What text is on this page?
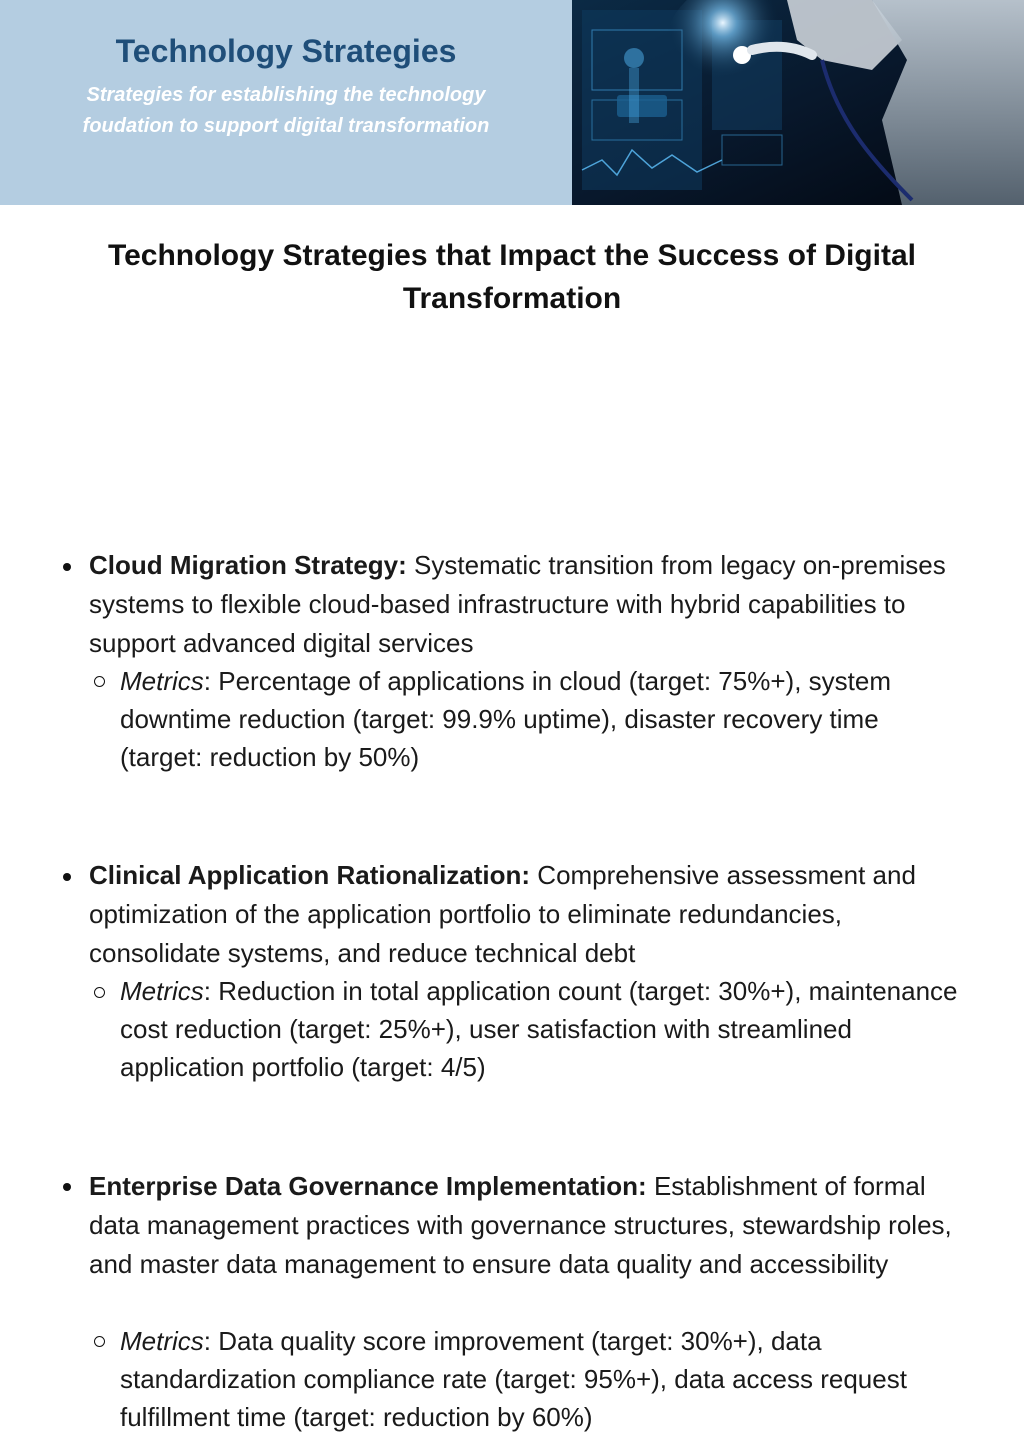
Technology Strategies
Strategies for establishing the technology
foudation to support digital transformation
Technology Strategies that Impact the Success of Digital
Transformation
Cloud Migration Strategy: Systematic transition from legacy on-premises systems to flexible cloud-based infrastructure with hybrid capabilities to support advanced digital services
Metrics: Percentage of applications in cloud (target: 75%+), system downtime reduction (target: 99.9% uptime), disaster recovery time (target: reduction by 50%)
Clinical Application Rationalization: Comprehensive assessment and optimization of the application portfolio to eliminate redundancies, consolidate systems, and reduce technical debt
Metrics: Reduction in total application count (target: 30%+), maintenance cost reduction (target: 25%+), user satisfaction with streamlined application portfolio (target: 4/5)
Enterprise Data Governance Implementation: Establishment of formal data management practices with governance structures, stewardship roles, and master data management to ensure data quality and accessibility
Metrics: Data quality score improvement (target: 30%+), data standardization compliance rate (target: 95%+), data access request fulfillment time (target: reduction by 60%)
